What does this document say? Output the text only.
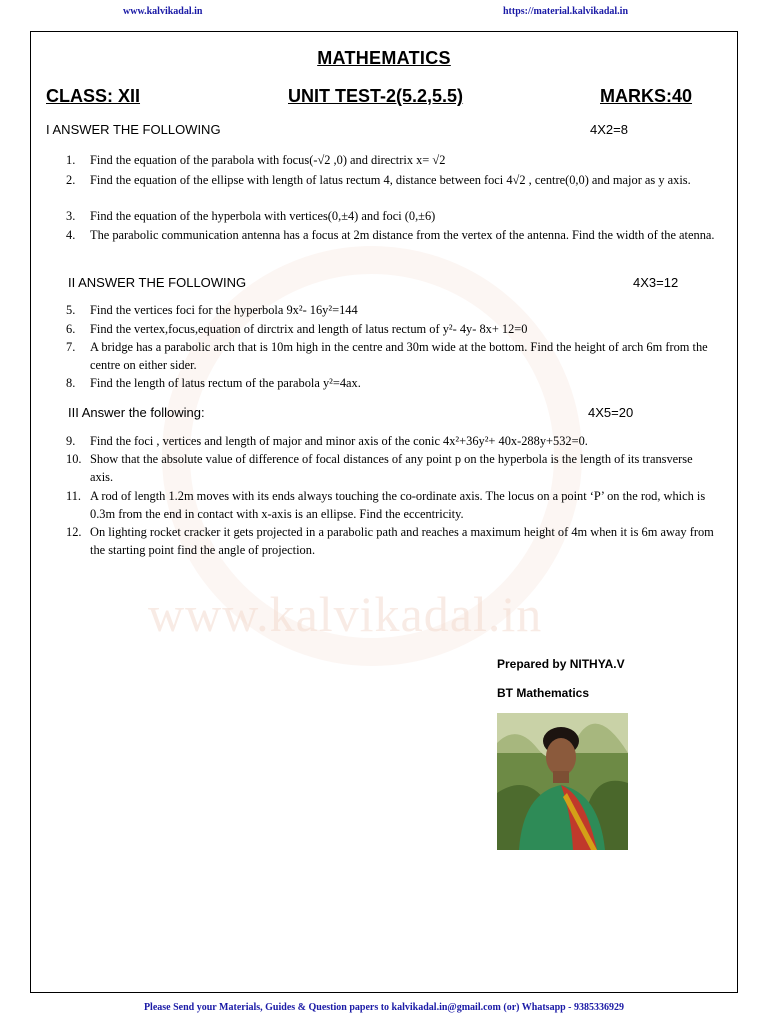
www.kalvikadal.in	https://material.kalvikadal.in
www.kalvikadal.in
MATHEMATICS
CLASS: XII	UNIT TEST-2(5.2,5.5)	MARKS:40
I ANSWER THE FOLLOWING	4X2=8
1.	Find the equation of the parabola with focus(-√2 ,0) and directrix x= √2
2.	Find the equation of the ellipse with length of latus rectum 4, distance between foci 4√2 , centre(0,0) and major as y axis.
3.	Find the equation of the hyperbola with vertices(0,±4) and foci (0,±6)
4.	The parabolic communication antenna has a focus at 2m distance from the vertex of the antenna. Find the width of the atenna.
II ANSWER THE FOLLOWING	4X3=12
5.	Find the vertices foci for the hyperbola 9x²- 16y²=144
6.	Find the vertex,focus,equation of dirctrix and length of latus rectum of y²- 4y- 8x+ 12=0
7.	A bridge has a parabolic arch that is 10m high in the centre and 30m wide at the bottom. Find the height of arch 6m from the centre on either sider.
8.	Find the length of latus rectum of the parabola y²=4ax.
III Answer the following:	4X5=20
9.	Find the foci , vertices and length of major and minor axis of the conic 4x²+36y²+ 40x-288y+532=0.
10. Show that the absolute value of difference of focal distances of any point p on the hyperbola is the length of its transverse axis.
11. A rod of length 1.2m moves with its ends always touching the co-ordinate axis. The locus on a point ‘P’ on the rod, which is 0.3m from the end in contact with x-axis is an ellipse. Find the eccentricity.
12. On lighting rocket cracker it gets projected in a parabolic path and reaches a maximum height of 4m when it is 6m away from the starting point find the angle of projection.
Prepared by NITHYA.V
BT Mathematics
Please Send your Materials, Guides & Question papers to kalvikadal.in@gmail.com (or) Whatsapp - 9385336929
